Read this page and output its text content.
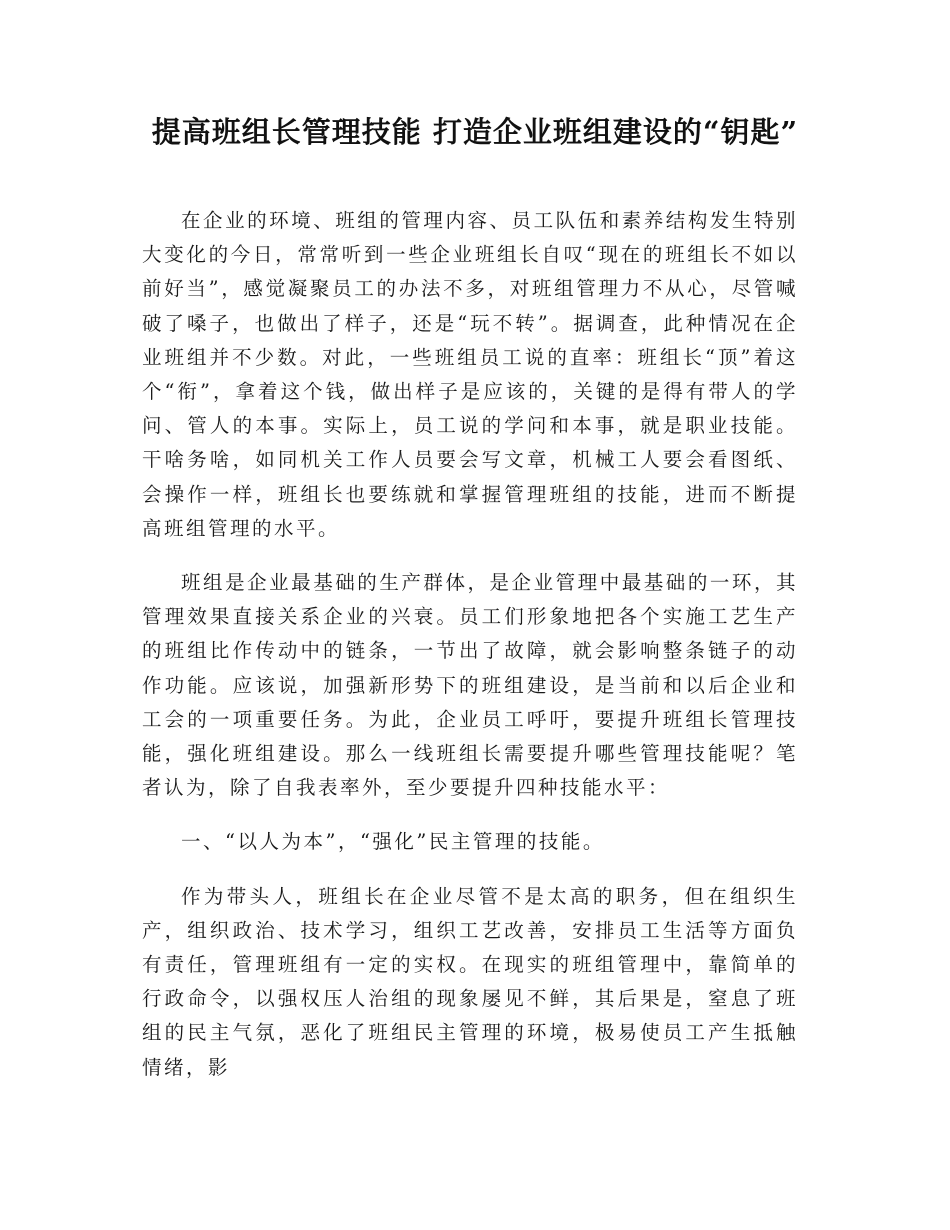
提高班组长管理技能 打造企业班组建设的“钥匙”

在企业的环境、班组的管理内容、员工队伍和素养结构发生特别大变化的今日，常常听到一些企业班组长自叹“现在的班组长不如以前好当”，感觉凝聚员工的办法不多，对班组管理力不从心，尽管喊破了嗓子，也做出了样子，还是“玩不转”。据调查，此种情况在企业班组并不少数。对此，一些班组员工说的直率：班组长“顶”着这个“衔”，拿着这个钱，做出样子是应该的，关键的是得有带人的学问、管人的本事。实际上，员工说的学问和本事，就是职业技能。干啥务啥，如同机关工作人员要会写文章，机械工人要会看图纸、会操作一样，班组长也要练就和掌握管理班组的技能，进而不断提高班组管理的水平。

班组是企业最基础的生产群体，是企业管理中最基础的一环，其管理效果直接关系企业的兴衰。员工们形象地把各个实施工艺生产的班组比作传动中的链条，一节出了故障，就会影响整条链子的动作功能。应该说，加强新形势下的班组建设，是当前和以后企业和工会的一项重要任务。为此，企业员工呼吁，要提升班组长管理技能，强化班组建设。那么一线班组长需要提升哪些管理技能呢？笔者认为，除了自我表率外，至少要提升四种技能水平：

一、“以人为本”，“强化”民主管理的技能。

作为带头人，班组长在企业尽管不是太高的职务，但在组织生产，组织政治、技术学习，组织工艺改善，安排员工生活等方面负有责任，管理班组有一定的实权。在现实的班组管理中，靠简单的行政命令，以强权压人治组的现象屡见不鲜，其后果是，窒息了班组的民主气氛，恶化了班组民主管理的环境，极易使员工产生抵触情绪，影
